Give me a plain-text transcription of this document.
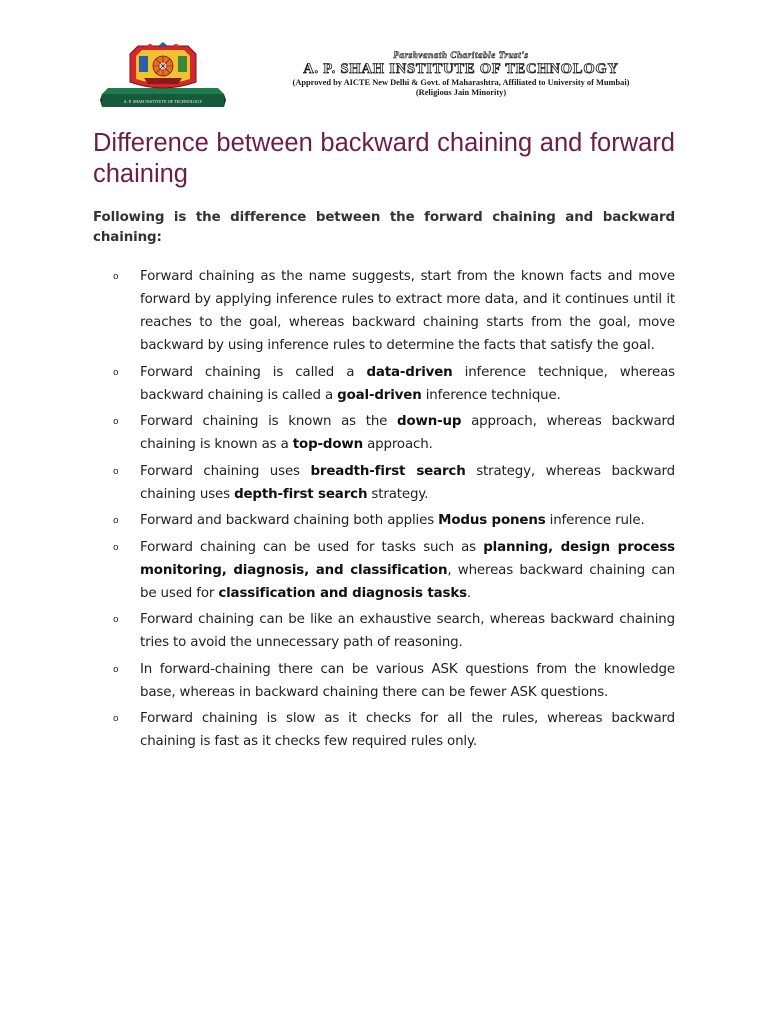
A. P. SHAH INSTITUTE OF TECHNOLOGY
Parshvanath Charitable Trust's
A. P. SHAH INSTITUTE OF TECHNOLOGY
(Approved by AICTE New Delhi & Govt. of Maharashtra, Affiliated to University of Mumbai)
(Religious Jain Minority)
Difference between backward chaining and forward chaining

Following is the difference between the forward chaining and backward chaining:

o Forward chaining as the name suggests, start from the known facts and move forward by applying inference rules to extract more data, and it continues until it reaches to the goal, whereas backward chaining starts from the goal, move backward by using inference rules to determine the facts that satisfy the goal.
o Forward chaining is called a data-driven inference technique, whereas backward chaining is called a goal-driven inference technique.
o Forward chaining is known as the down-up approach, whereas backward chaining is known as a top-down approach.
o Forward chaining uses breadth-first search strategy, whereas backward chaining uses depth-first search strategy.
o Forward and backward chaining both applies Modus ponens inference rule.
o Forward chaining can be used for tasks such as planning, design process monitoring, diagnosis, and classification, whereas backward chaining can be used for classification and diagnosis tasks.
o Forward chaining can be like an exhaustive search, whereas backward chaining tries to avoid the unnecessary path of reasoning.
o In forward-chaining there can be various ASK questions from the knowledge base, whereas in backward chaining there can be fewer ASK questions.
o Forward chaining is slow as it checks for all the rules, whereas backward chaining is fast as it checks few required rules only.
